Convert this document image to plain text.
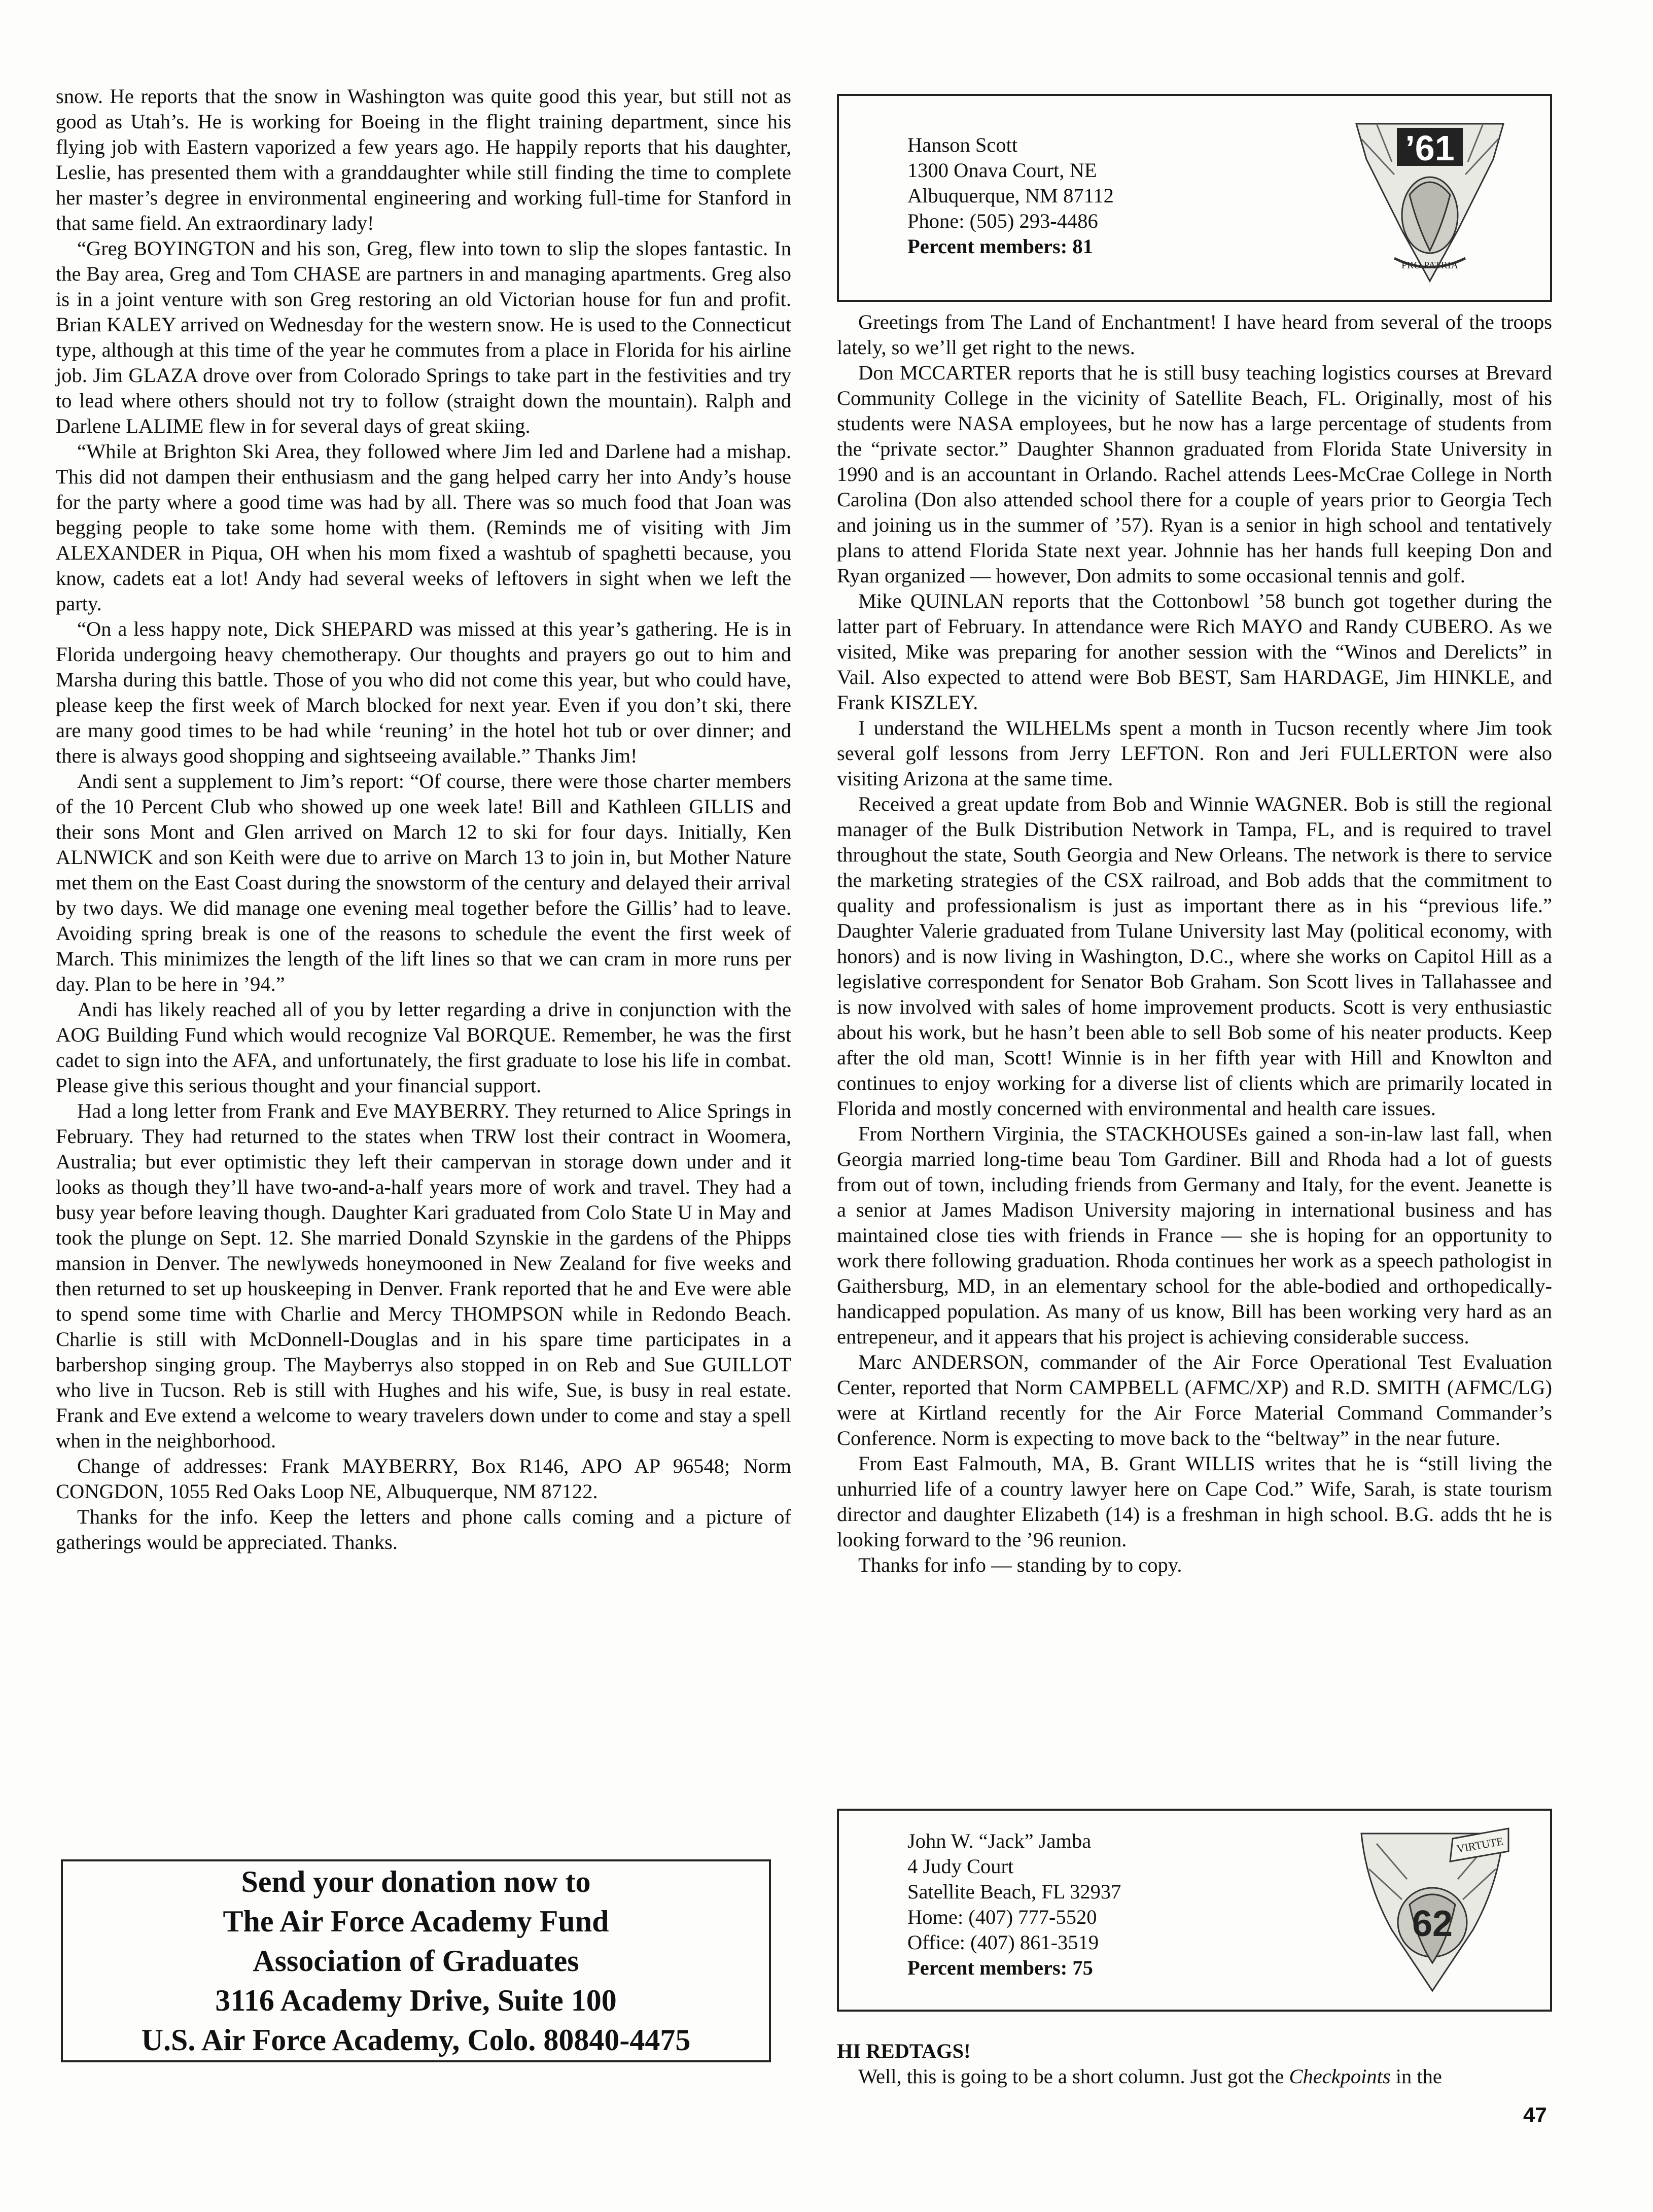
snow. He reports that the snow in Washington was quite good this year, but still not as good as Utah’s. He is working for Boeing in the flight training department, since his flying job with Eastern vaporized a few years ago. He happily reports that his daughter, Leslie, has presented them with a granddaughter while still finding the time to complete her master’s degree in environmental engineering and working full-time for Stanford in that same field. An extraordinary lady!

“Greg BOYINGTON and his son, Greg, flew into town to slip the slopes fantastic. In the Bay area, Greg and Tom CHASE are partners in and managing apartments. Greg also is in a joint venture with son Greg restoring an old Victorian house for fun and profit. Brian KALEY arrived on Wednesday for the western snow. He is used to the Connecticut type, although at this time of the year he commutes from a place in Florida for his airline job. Jim GLAZA drove over from Colorado Springs to take part in the festivities and try to lead where others should not try to follow (straight down the mountain). Ralph and Darlene LALIME flew in for several days of great skiing.

“While at Brighton Ski Area, they followed where Jim led and Darlene had a mishap. This did not dampen their enthusiasm and the gang helped carry her into Andy’s house for the party where a good time was had by all. There was so much food that Joan was begging people to take some home with them. (Reminds me of visiting with Jim ALEXANDER in Piqua, OH when his mom fixed a washtub of spaghetti because, you know, cadets eat a lot! Andy had several weeks of leftovers in sight when we left the party.

“On a less happy note, Dick SHEPARD was missed at this year’s gathering. He is in Florida undergoing heavy chemotherapy. Our thoughts and prayers go out to him and Marsha during this battle. Those of you who did not come this year, but who could have, please keep the first week of March blocked for next year. Even if you don’t ski, there are many good times to be had while ‘reuning’ in the hotel hot tub or over dinner; and there is always good shopping and sightseeing available.” Thanks Jim!

Andi sent a supplement to Jim’s report: “Of course, there were those charter members of the 10 Percent Club who showed up one week late! Bill and Kathleen GILLIS and their sons Mont and Glen arrived on March 12 to ski for four days. Initially, Ken ALNWICK and son Keith were due to arrive on March 13 to join in, but Mother Nature met them on the East Coast during the snowstorm of the century and delayed their arrival by two days. We did manage one evening meal together before the Gillis’ had to leave. Avoiding spring break is one of the reasons to schedule the event the first week of March. This minimizes the length of the lift lines so that we can cram in more runs per day. Plan to be here in ’94.”

Andi has likely reached all of you by letter regarding a drive in conjunction with the AOG Building Fund which would recognize Val BORQUE. Remember, he was the first cadet to sign into the AFA, and unfortunately, the first graduate to lose his life in combat. Please give this serious thought and your financial support.

Had a long letter from Frank and Eve MAYBERRY. They returned to Alice Springs in February. They had returned to the states when TRW lost their contract in Woomera, Australia; but ever optimistic they left their campervan in storage down under and it looks as though they’ll have two-and-a-half years more of work and travel. They had a busy year before leaving though. Daughter Kari graduated from Colo State U in May and took the plunge on Sept. 12. She married Donald Szynskie in the gardens of the Phipps mansion in Denver. The newlyweds honeymooned in New Zealand for five weeks and then returned to set up houskeeping in Denver. Frank reported that he and Eve were able to spend some time with Charlie and Mercy THOMPSON while in Redondo Beach. Charlie is still with McDonnell-Douglas and in his spare time participates in a barbershop singing group. The Mayberrys also stopped in on Reb and Sue GUILLOT who live in Tucson. Reb is still with Hughes and his wife, Sue, is busy in real estate. Frank and Eve extend a welcome to weary travelers down under to come and stay a spell when in the neighborhood.

Change of addresses: Frank MAYBERRY, Box R146, APO AP 96548; Norm CONGDON, 1055 Red Oaks Loop NE, Albuquerque, NM 87122.

Thanks for the info. Keep the letters and phone calls coming and a picture of gatherings would be appreciated. Thanks.

Send your donation now to
The Air Force Academy Fund
Association of Graduates
3116 Academy Drive, Suite 100
U.S. Air Force Academy, Colo. 80840-4475
Hanson Scott
1300 Onava Court, NE
Albuquerque, NM 87112
Phone: (505) 293-4486
Percent members: 81
’61
PRO PATRIA

Greetings from The Land of Enchantment! I have heard from several of the troops lately, so we’ll get right to the news.

Don MCCARTER reports that he is still busy teaching logistics courses at Brevard Community College in the vicinity of Satellite Beach, FL. Originally, most of his students were NASA employees, but he now has a large percentage of students from the “private sector.” Daughter Shannon graduated from Florida State University in 1990 and is an accountant in Orlando. Rachel attends Lees-McCrae College in North Carolina (Don also attended school there for a couple of years prior to Georgia Tech and joining us in the summer of ’57). Ryan is a senior in high school and tentatively plans to attend Florida State next year. Johnnie has her hands full keeping Don and Ryan organized — however, Don admits to some occasional tennis and golf.

Mike QUINLAN reports that the Cottonbowl ’58 bunch got together during the latter part of February. In attendance were Rich MAYO and Randy CUBERO. As we visited, Mike was preparing for another session with the “Winos and Derelicts” in Vail. Also expected to attend were Bob BEST, Sam HARDAGE, Jim HINKLE, and Frank KISZLEY.

I understand the WILHELMs spent a month in Tucson recently where Jim took several golf lessons from Jerry LEFTON. Ron and Jeri FULLERTON were also visiting Arizona at the same time.

Received a great update from Bob and Winnie WAGNER. Bob is still the regional manager of the Bulk Distribution Network in Tampa, FL, and is required to travel throughout the state, South Georgia and New Orleans. The network is there to service the marketing strategies of the CSX railroad, and Bob adds that the commitment to quality and professionalism is just as important there as in his “previous life.” Daughter Valerie graduated from Tulane University last May (political economy, with honors) and is now living in Washington, D.C., where she works on Capitol Hill as a legislative correspondent for Senator Bob Graham. Son Scott lives in Tallahassee and is now involved with sales of home improvement products. Scott is very enthusiastic about his work, but he hasn’t been able to sell Bob some of his neater products. Keep after the old man, Scott! Winnie is in her fifth year with Hill and Knowlton and continues to enjoy working for a diverse list of clients which are primarily located in Florida and mostly concerned with environmental and health care issues.

From Northern Virginia, the STACKHOUSEs gained a son-in-law last fall, when Georgia married long-time beau Tom Gardiner. Bill and Rhoda had a lot of guests from out of town, including friends from Germany and Italy, for the event. Jeanette is a senior at James Madison University majoring in international business and has maintained close ties with friends in France — she is hoping for an opportunity to work there following graduation. Rhoda continues her work as a speech pathologist in Gaithersburg, MD, in an elementary school for the able-bodied and orthopedically-handicapped population. As many of us know, Bill has been working very hard as an entrepeneur, and it appears that his project is achieving considerable success.

Marc ANDERSON, commander of the Air Force Operational Test Evaluation Center, reported that Norm CAMPBELL (AFMC/XP) and R.D. SMITH (AFMC/LG) were at Kirtland recently for the Air Force Material Command Commander’s Conference. Norm is expecting to move back to the “beltway” in the near future.

From East Falmouth, MA, B. Grant WILLIS writes that he is “still living the unhurried life of a country lawyer here on Cape Cod.” Wife, Sarah, is state tourism director and daughter Elizabeth (14) is a freshman in high school. B.G. adds tht he is looking forward to the ’96 reunion.

Thanks for info — standing by to copy.

John W. “Jack” Jamba
4 Judy Court
Satellite Beach, FL 32937
Home: (407) 777-5520
Office: (407) 861-3519
Percent members: 75
VIRTUTE
62

HI REDTAGS!

Well, this is going to be a short column. Just got the Checkpoints in the

47
